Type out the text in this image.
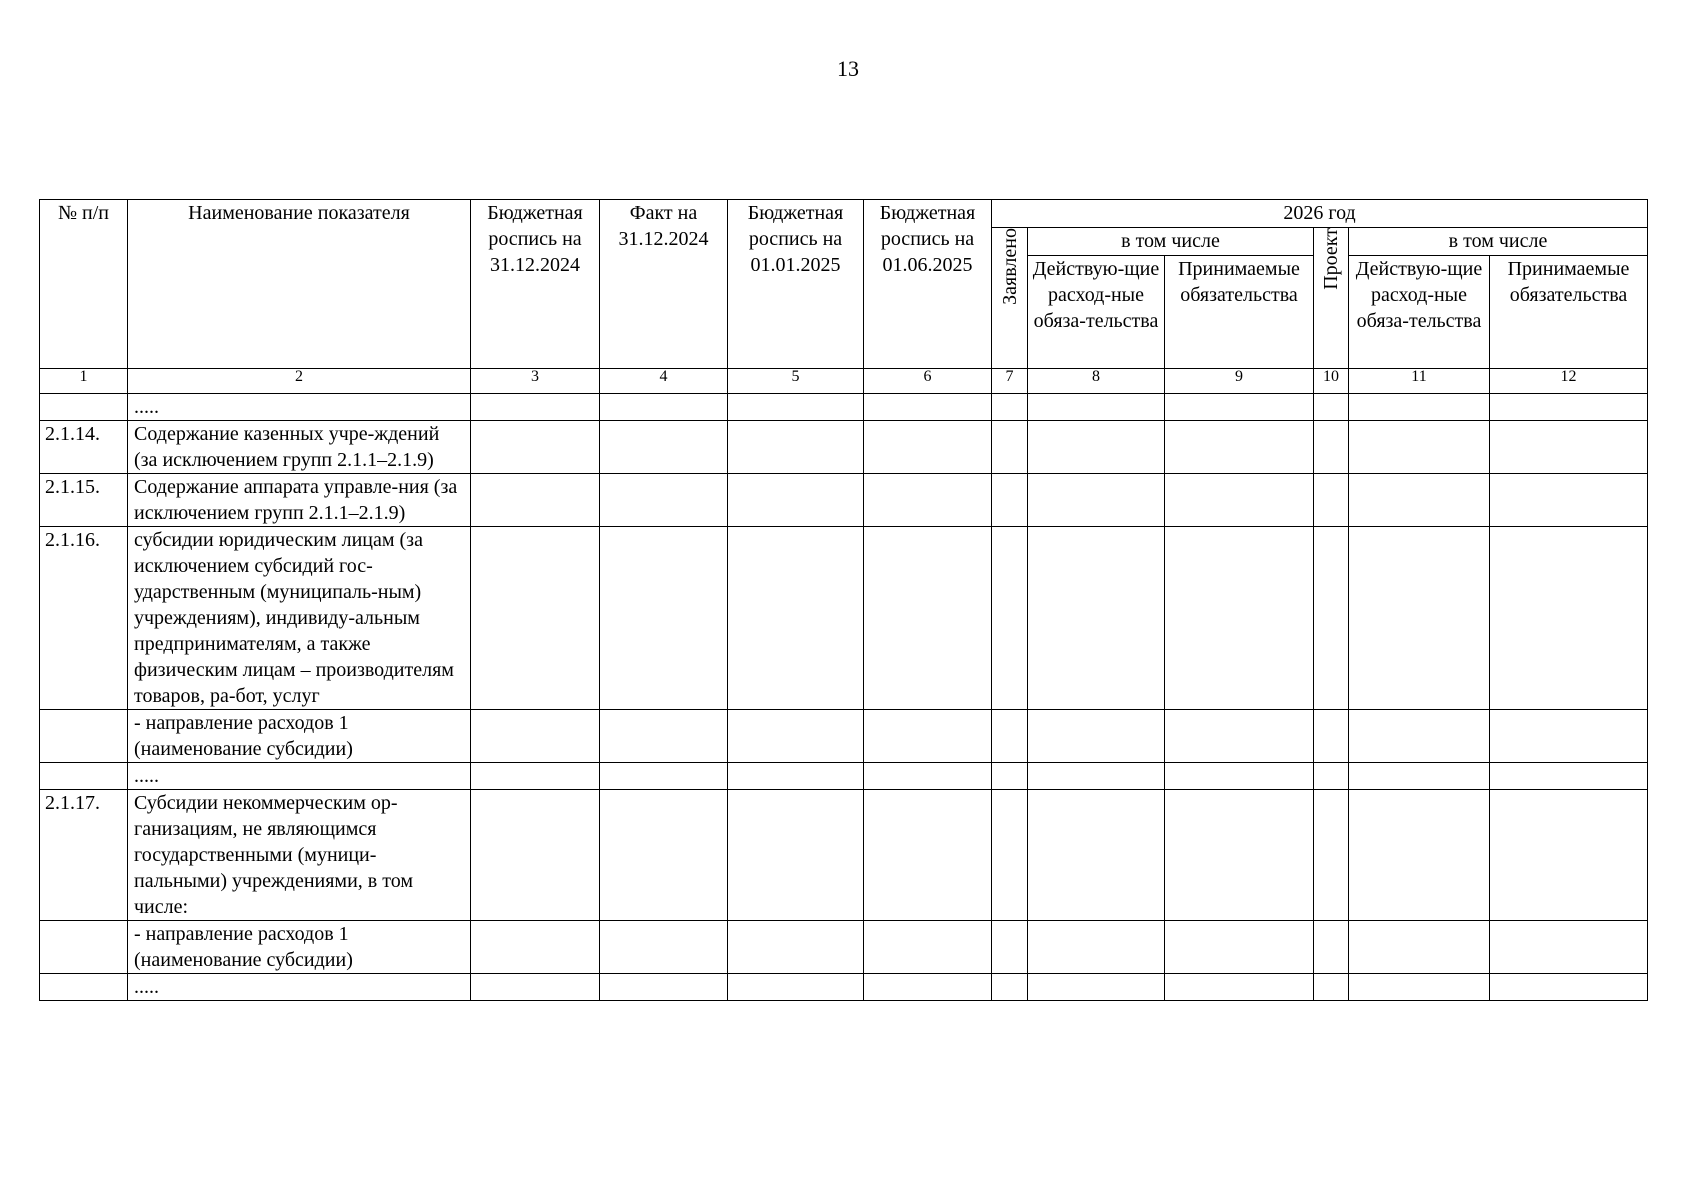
13
№ п/п	Наименование показателя	Бюджетная роспись на 31.12.2024	Факт на 31.12.2024	Бюджетная роспись на 01.01.2025	Бюджетная роспись на 01.06.2025	2026 год					
						Заявлено	в том числе		Проект	в том числе	
							Действую-щие расход-ные обяза-тельства	Принимаемые обязательства		Действую-щие расход-ные обяза-тельства	Принимаемые обязательства
1	2	3	4	5	6	7	8	9	10	11	12
	.....										
2.1.14.	Содержание казенных учре-ждений (за исключением групп 2.1.1–2.1.9)										
2.1.15.	Содержание аппарата управле-ния (за исключением групп 2.1.1–2.1.9)										
2.1.16.	субсидии юридическим лицам (за исключением субсидий гос-ударственным (муниципаль-ным) учреждениям), индивиду-альным предпринимателям, а также физическим лицам – производителям товаров, ра-бот, услуг										
	- направление расходов 1 (наименование субсидии)										
	.....										
2.1.17.	Субсидии некоммерческим ор-ганизациям, не являющимся государственными (муници-пальными) учреждениями, в том числе:										
	- направление расходов 1 (наименование субсидии)										
	.....										
